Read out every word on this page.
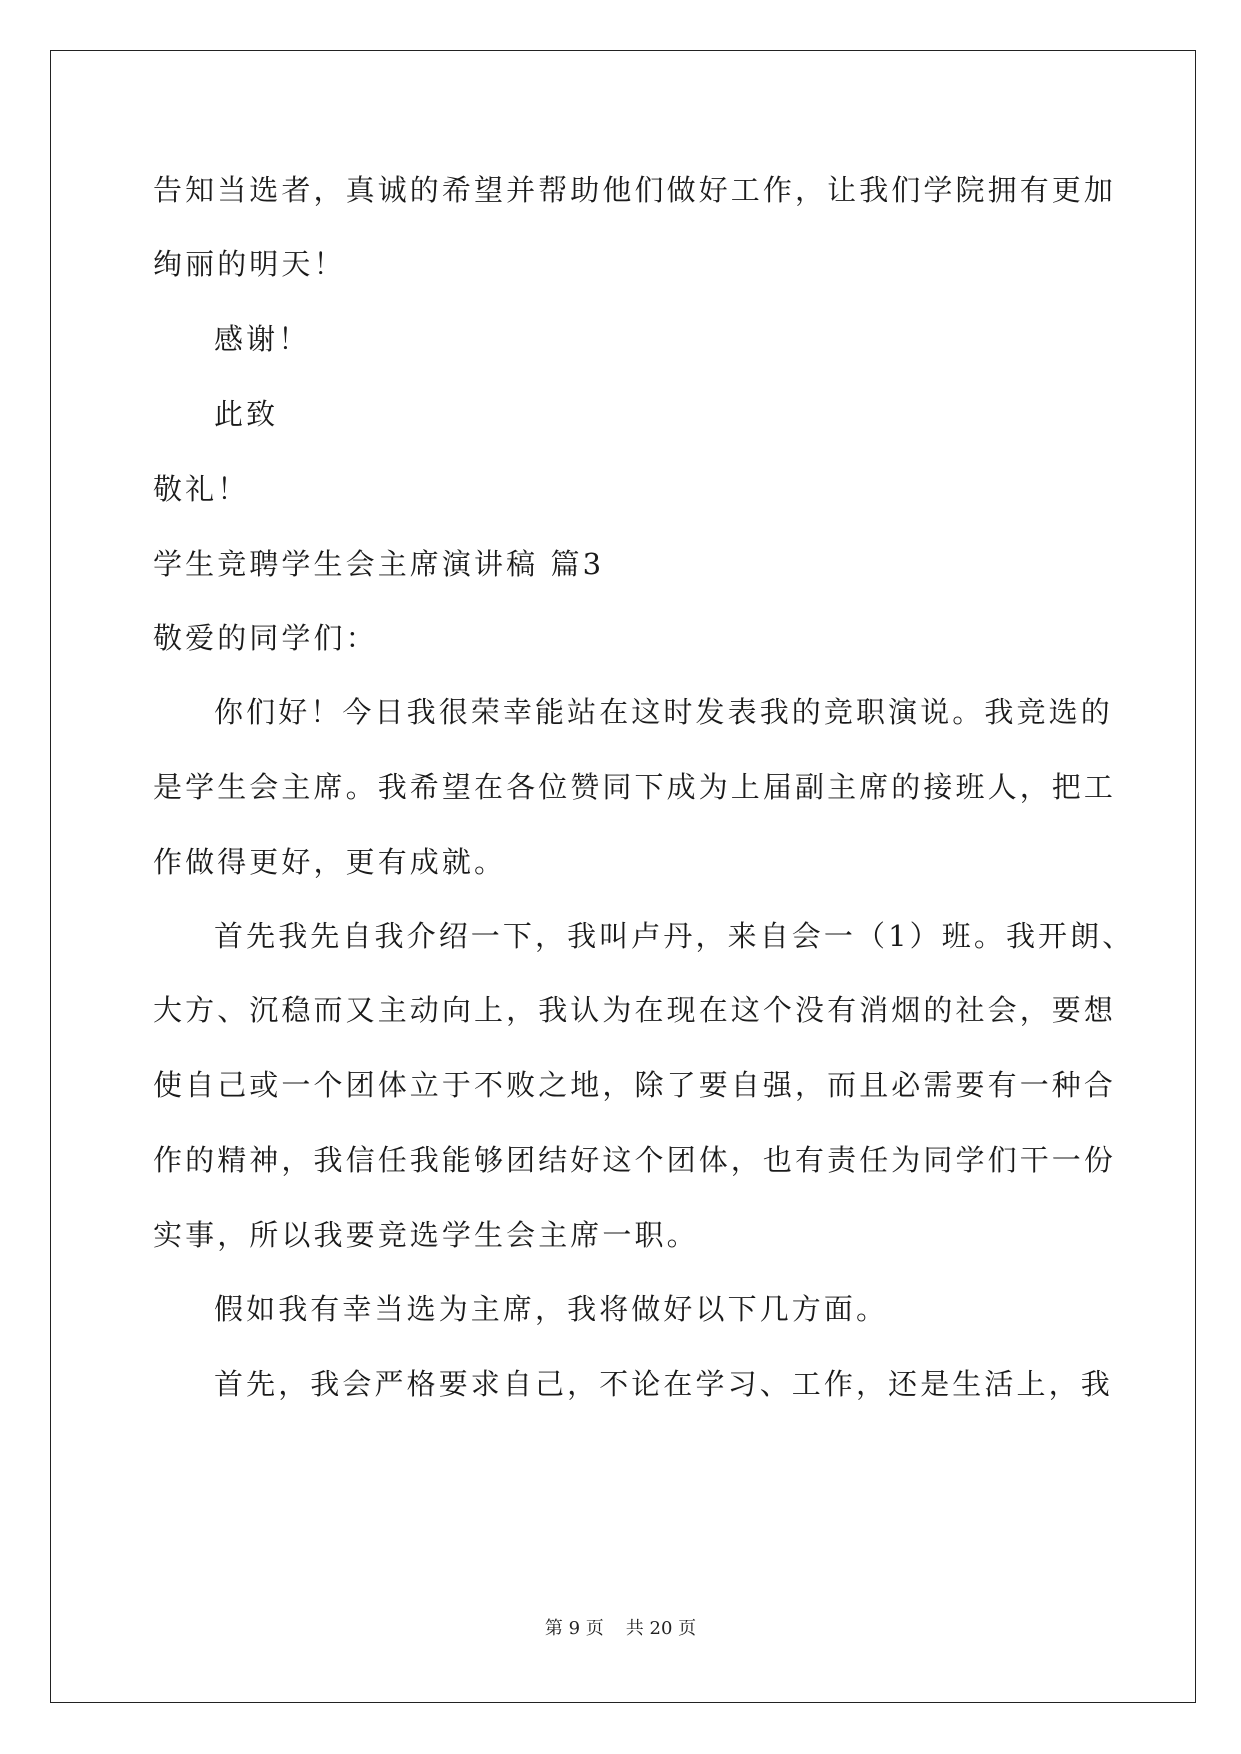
告知当选者，真诚的希望并帮助他们做好工作，让我们学院拥有更加
绚丽的明天！
感谢！
此致
敬礼！
学生竞聘学生会主席演讲稿 篇3
敬爱的同学们：
你们好！今日我很荣幸能站在这时发表我的竞职演说。我竞选的
是学生会主席。我希望在各位赞同下成为上届副主席的接班人，把工
作做得更好，更有成就。
首先我先自我介绍一下，我叫卢丹，来自会一（1）班。我开朗、
大方、沉稳而又主动向上，我认为在现在这个没有消烟的社会，要想
使自己或一个团体立于不败之地，除了要自强，而且必需要有一种合
作的精神，我信任我能够团结好这个团体，也有责任为同学们干一份
实事，所以我要竞选学生会主席一职。
假如我有幸当选为主席，我将做好以下几方面。
首先，我会严格要求自己，不论在学习、工作，还是生活上，我
第 9 页 共 20 页
